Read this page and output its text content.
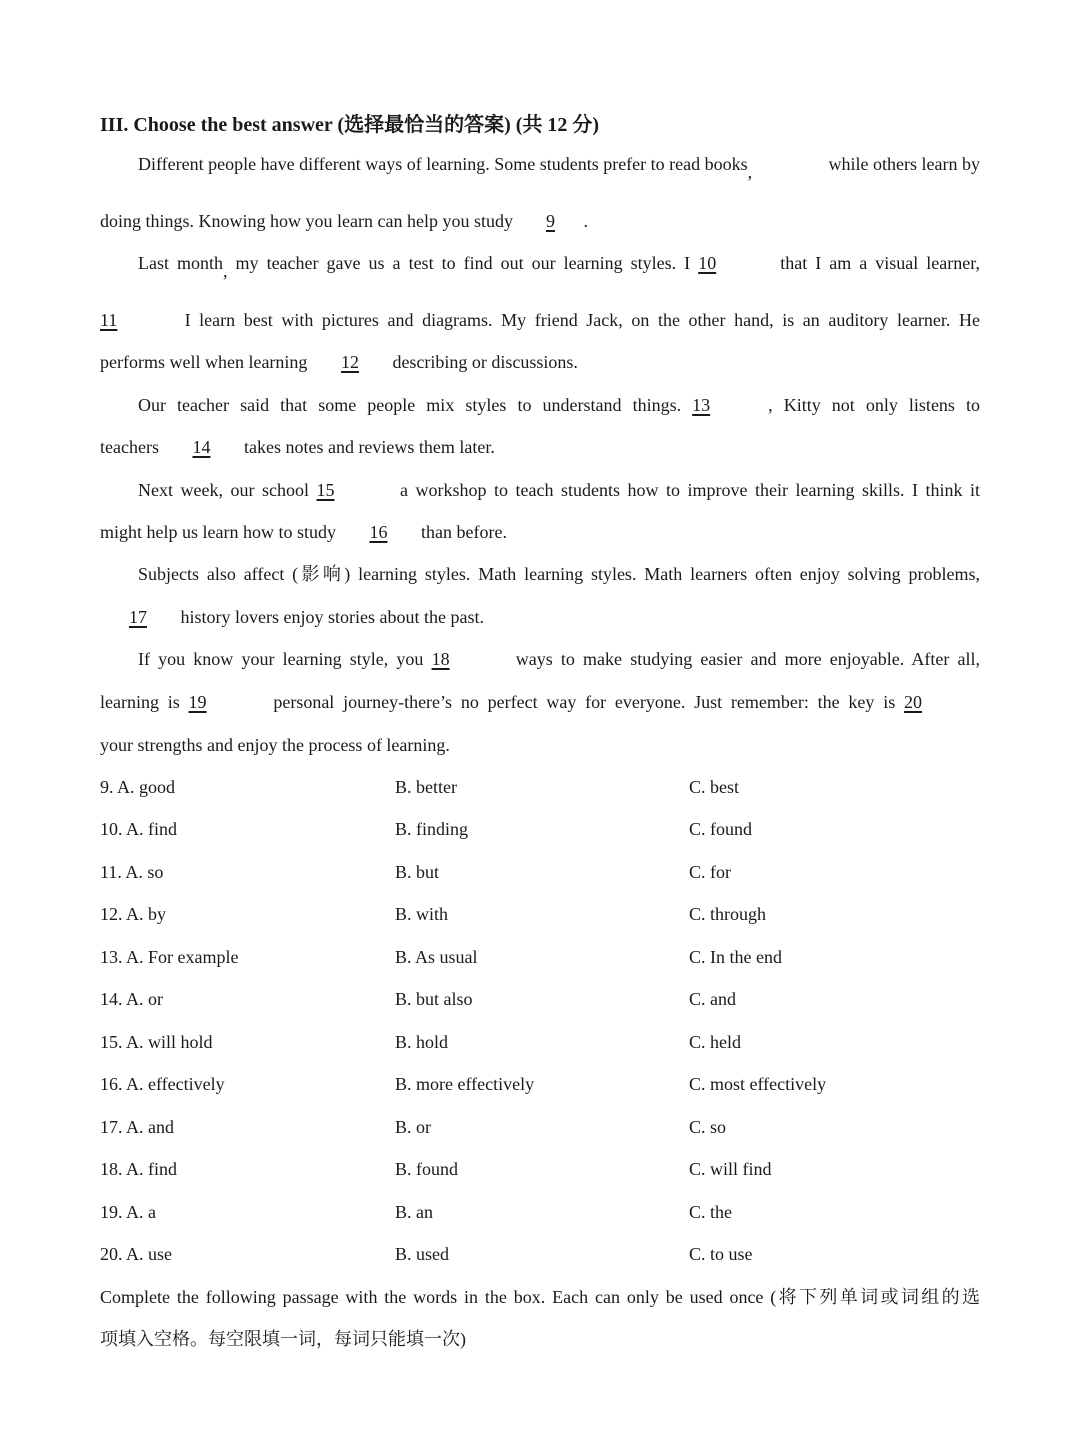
III. Choose the best answer (选择最恰当的答案) (共 12 分)
Different people have different ways of learning. Some students prefer to read books,	while others learn by
doing things. Knowing how you learn can help you study 9 .
Last month, my teacher gave us a test to find out our learning styles. I 10	that I am a visual learner,
11	I learn best with pictures and diagrams. My friend Jack, on the other hand, is an auditory learner. He
performs well when learning 12 describing or discussions.
Our teacher said that some people mix styles to understand things. 13	, Kitty not only listens to
teachers 14 takes notes and reviews them later.
Next week, our school 15	a workshop to teach students how to improve their learning skills. I think it
might help us learn how to study 16 than before.
Subjects also affect (影响) learning styles. Math learning styles. Math learners often enjoy solving problems,
17 history lovers enjoy stories about the past.
If you know your learning style, you 18	ways to make studying easier and more enjoyable. After all,
learning is 19	personal journey-there’s no perfect way for everyone. Just remember: the key is 20
your strengths and enjoy the process of learning.
9. A. good	B. better	C. best
10. A. find	B. finding	C. found
11. A. so	B. but	C. for
12. A. by	B. with	C. through
13. A. For example	B. As usual	C. In the end
14. A. or	B. but also	C. and
15. A. will hold	B. hold	C. held
16. A. effectively	B. more effectively	C. most effectively
17. A. and	B. or	C. so
18. A. find	B. found	C. will find
19. A. a	B. an	C. the
20. A. use	B. used	C. to use
Complete the following passage with the words in the box. Each can only be used once (将下列单词或词组的选
项填入空格。每空限填一词，每词只能填一次)
